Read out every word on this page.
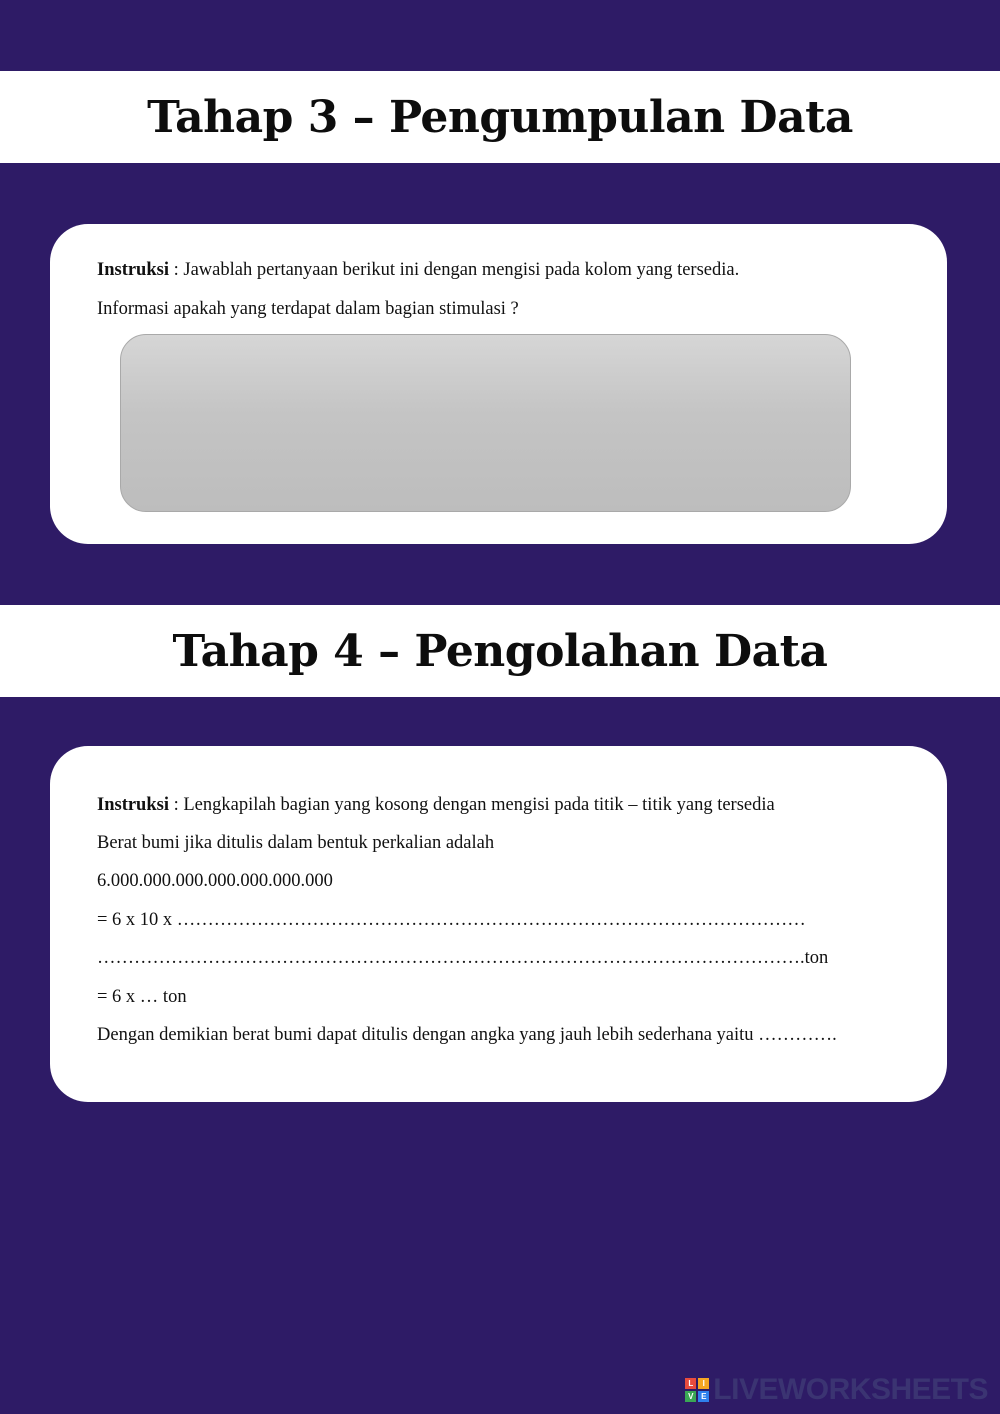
Tahap 3 – Pengumpulan Data
Instruksi : Jawablah pertanyaan berikut ini dengan mengisi pada kolom yang tersedia.
Informasi apakah yang terdapat dalam bagian stimulasi ?
Tahap 4 – Pengolahan Data
Instruksi : Lengkapilah bagian yang kosong dengan mengisi pada titik – titik yang tersedia
Berat bumi jika ditulis dalam bentuk perkalian adalah
6.000.000.000.000.000.000.000
= 6 x 10 x …………………………………………………………………………………………
…………………………………………………………………………………………………….ton
= 6 x … ton
Dengan demikian berat bumi dapat ditulis dengan angka yang jauh lebih sederhana yaitu ………….
L	I
V E LIVEWORKSHEETS
